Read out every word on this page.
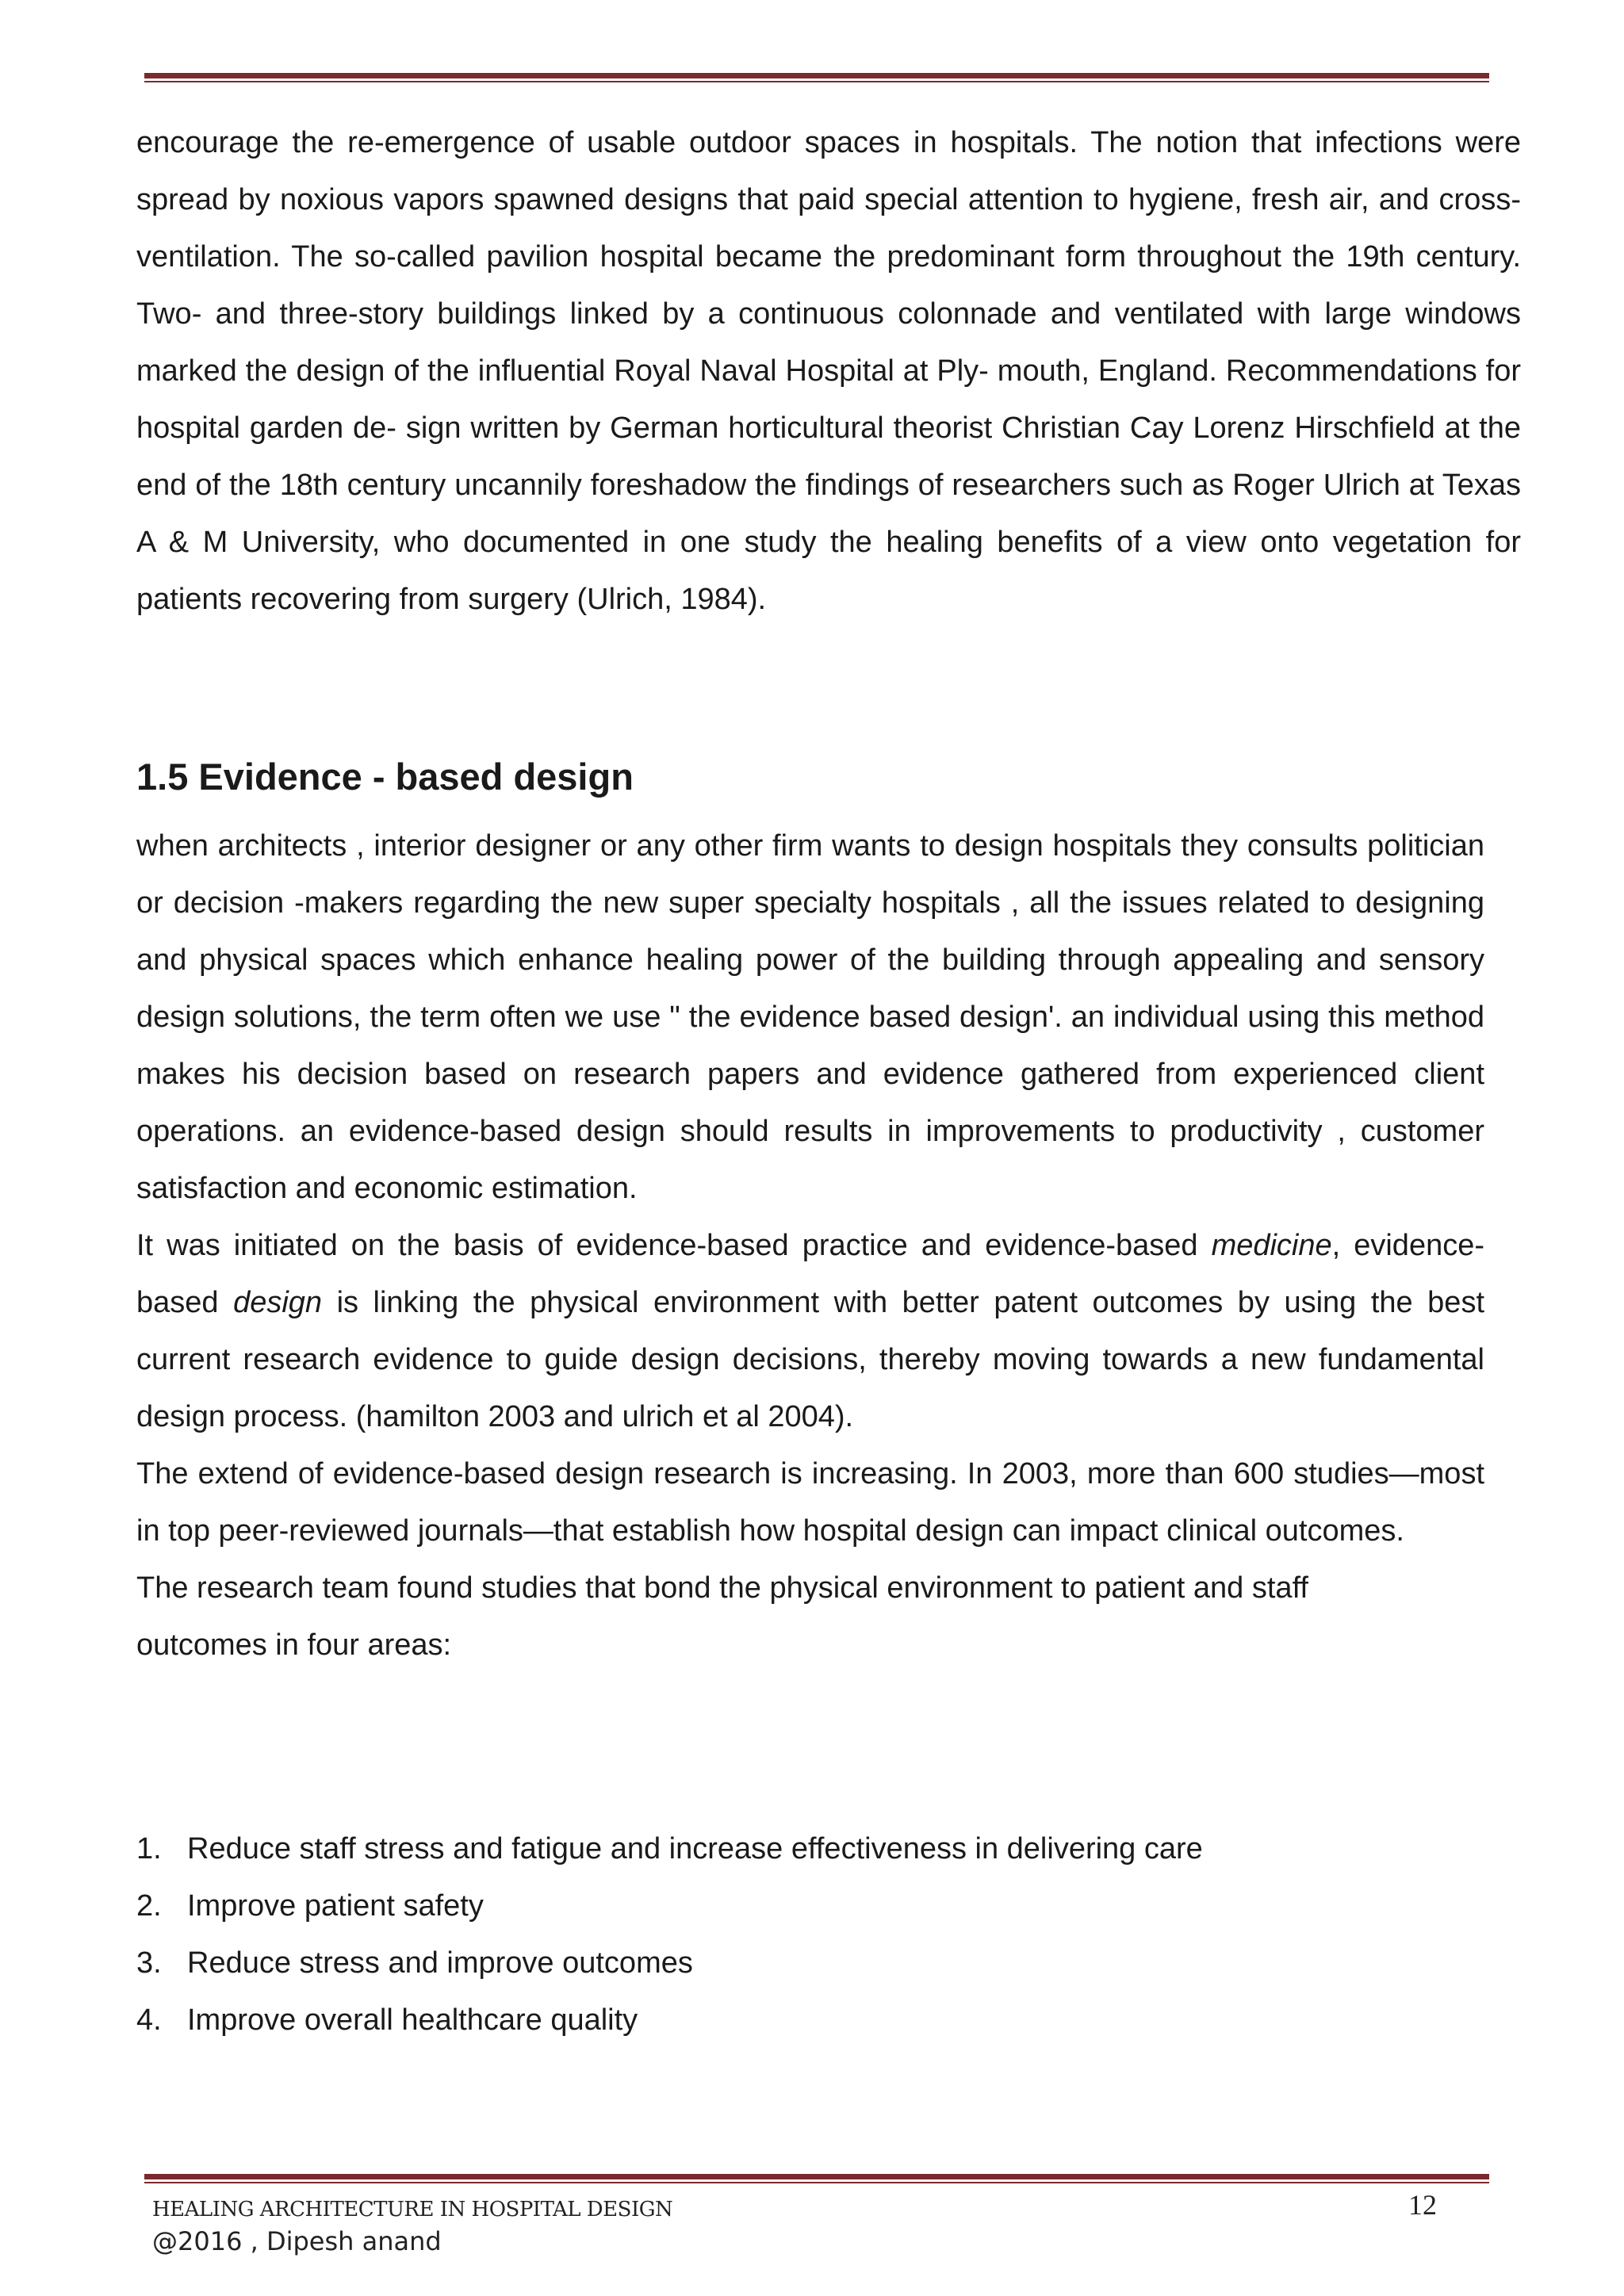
encourage the re-emergence of usable outdoor spaces in hospitals. The notion that infections were spread by noxious vapors spawned designs that paid special attention to hygiene, fresh air, and cross-ventilation. The so-called pavilion hospital became the predominant form throughout the 19th century. Two- and three-story buildings linked by a continuous colonnade and ventilated with large windows marked the design of the influential Royal Naval Hospital at Ply- mouth, England. Recommendations for hospital garden de- sign written by German horticultural theorist Christian Cay Lorenz Hirschfield at the end of the 18th century uncannily foreshadow the findings of researchers such as Roger Ulrich at Texas A & M University, who documented in one study the healing benefits of a view onto vegetation for patients recovering from surgery (Ulrich, 1984).

1.5 Evidence - based design

when architects , interior designer or any other firm wants to design hospitals they consults politician or decision -makers regarding the new super specialty hospitals , all the issues related to designing and physical spaces which enhance healing power of the building through appealing and sensory design solutions, the term often we use " the evidence based design'. an individual using this method makes his decision based on research papers and evidence gathered from experienced client operations. an evidence-based design should results in improvements to productivity , customer satisfaction and economic estimation.

It was initiated on the basis of evidence-based practice and evidence-based medicine, evidence-based design is linking the physical environment with better patent outcomes by using the best current research evidence to guide design decisions, thereby moving towards a new fundamental design process. (hamilton 2003 and ulrich et al 2004).

The extend of evidence-based design research is increasing. In 2003, more than 600 studies—most in top peer-reviewed journals—that establish how hospital design can impact clinical outcomes.

The research team found studies that bond the physical environment to patient and staff
outcomes in four areas:

1. Reduce staff stress and fatigue and increase effectiveness in delivering care
2. Improve patient safety
3. Reduce stress and improve outcomes
4. Improve overall healthcare quality
HEALING ARCHITECTURE IN HOSPITAL DESIGN	12
@2016 , Dipesh anand
